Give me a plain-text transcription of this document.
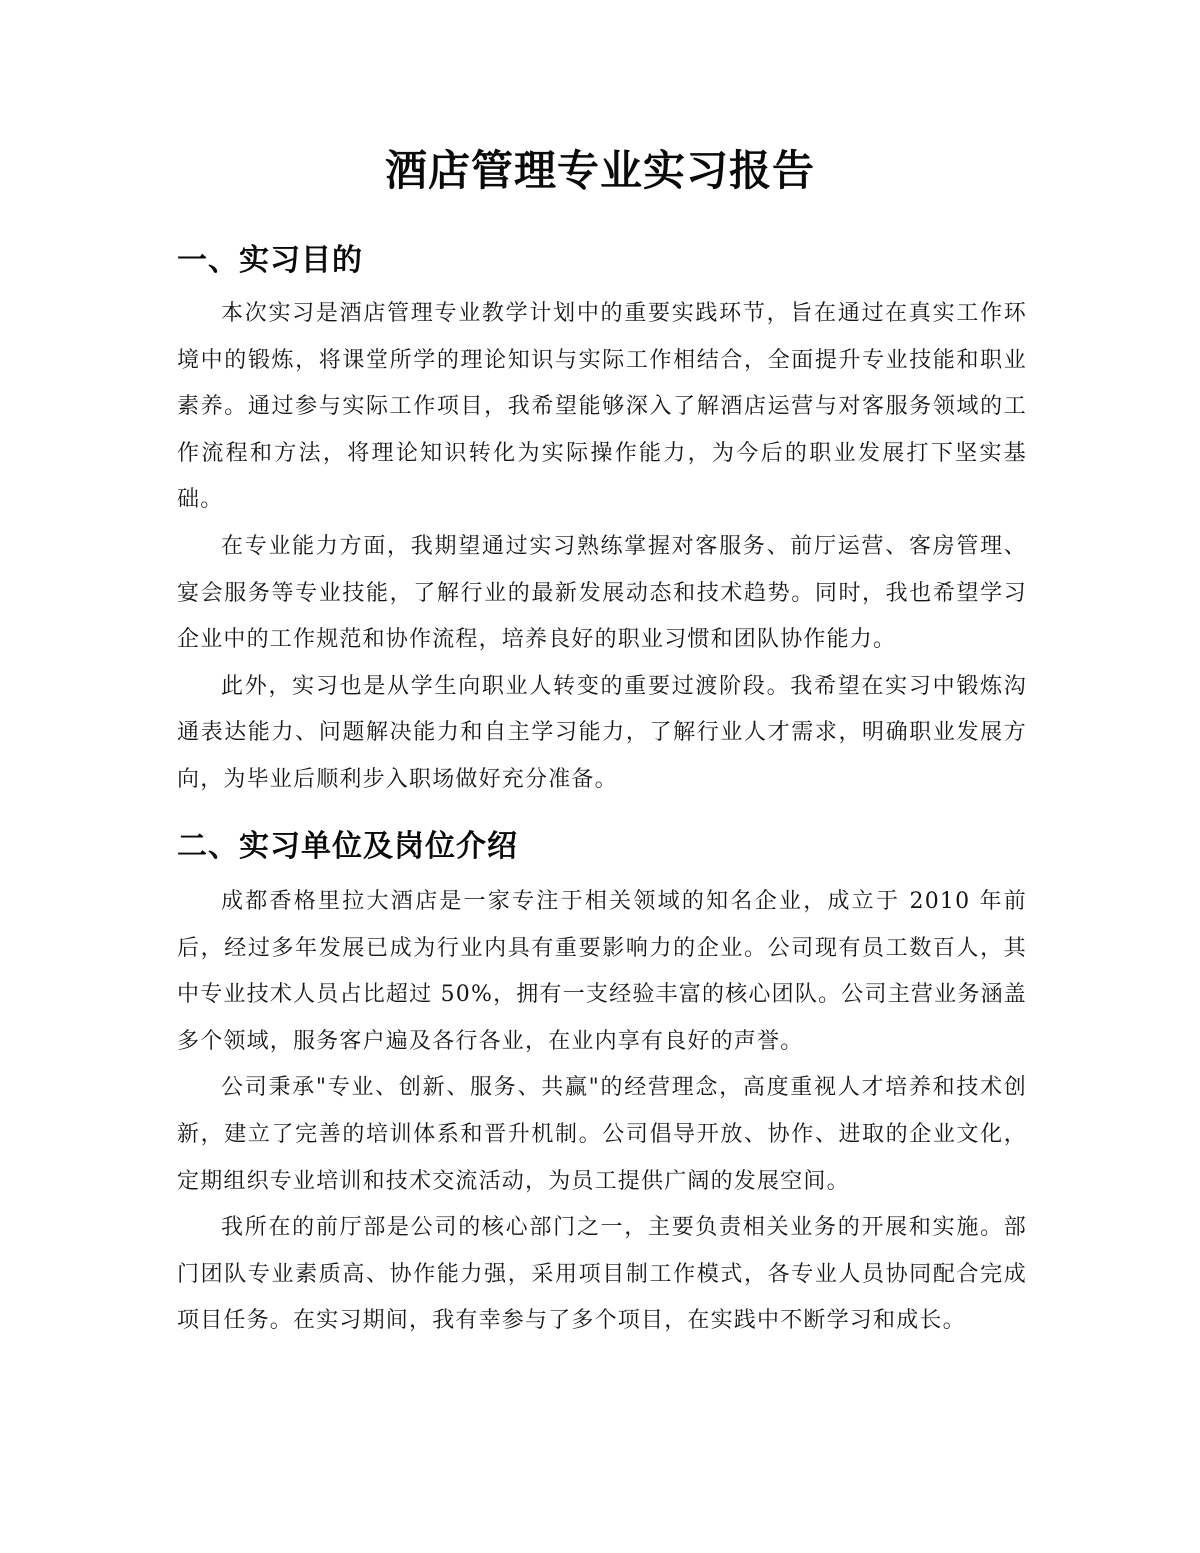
酒店管理专业实习报告
一、实习目的

本次实习是酒店管理专业教学计划中的重要实践环节，旨在通过在真实工作环境中的锻炼，将课堂所学的理论知识与实际工作相结合，全面提升专业技能和职业素养。通过参与实际工作项目，我希望能够深入了解酒店运营与对客服务领域的工作流程和方法，将理论知识转化为实际操作能力，为今后的职业发展打下坚实基础。

在专业能力方面，我期望通过实习熟练掌握对客服务、前厅运营、客房管理、宴会服务等专业技能，了解行业的最新发展动态和技术趋势。同时，我也希望学习企业中的工作规范和协作流程，培养良好的职业习惯和团队协作能力。

此外，实习也是从学生向职业人转变的重要过渡阶段。我希望在实习中锻炼沟通表达能力、问题解决能力和自主学习能力，了解行业人才需求，明确职业发展方向，为毕业后顺利步入职场做好充分准备。

二、实习单位及岗位介绍

成都香格里拉大酒店是一家专注于相关领域的知名企业，成立于 2010 年前后，经过多年发展已成为行业内具有重要影响力的企业。公司现有员工数百人，其中专业技术人员占比超过 50%，拥有一支经验丰富的核心团队。公司主营业务涵盖多个领域，服务客户遍及各行各业，在业内享有良好的声誉。

公司秉承"专业、创新、服务、共赢"的经营理念，高度重视人才培养和技术创新，建立了完善的培训体系和晋升机制。公司倡导开放、协作、进取的企业文化，定期组织专业培训和技术交流活动，为员工提供广阔的发展空间。

我所在的前厅部是公司的核心部门之一，主要负责相关业务的开展和实施。部门团队专业素质高、协作能力强，采用项目制工作模式，各专业人员协同配合完成项目任务。在实习期间，我有幸参与了多个项目，在实践中不断学习和成长。
